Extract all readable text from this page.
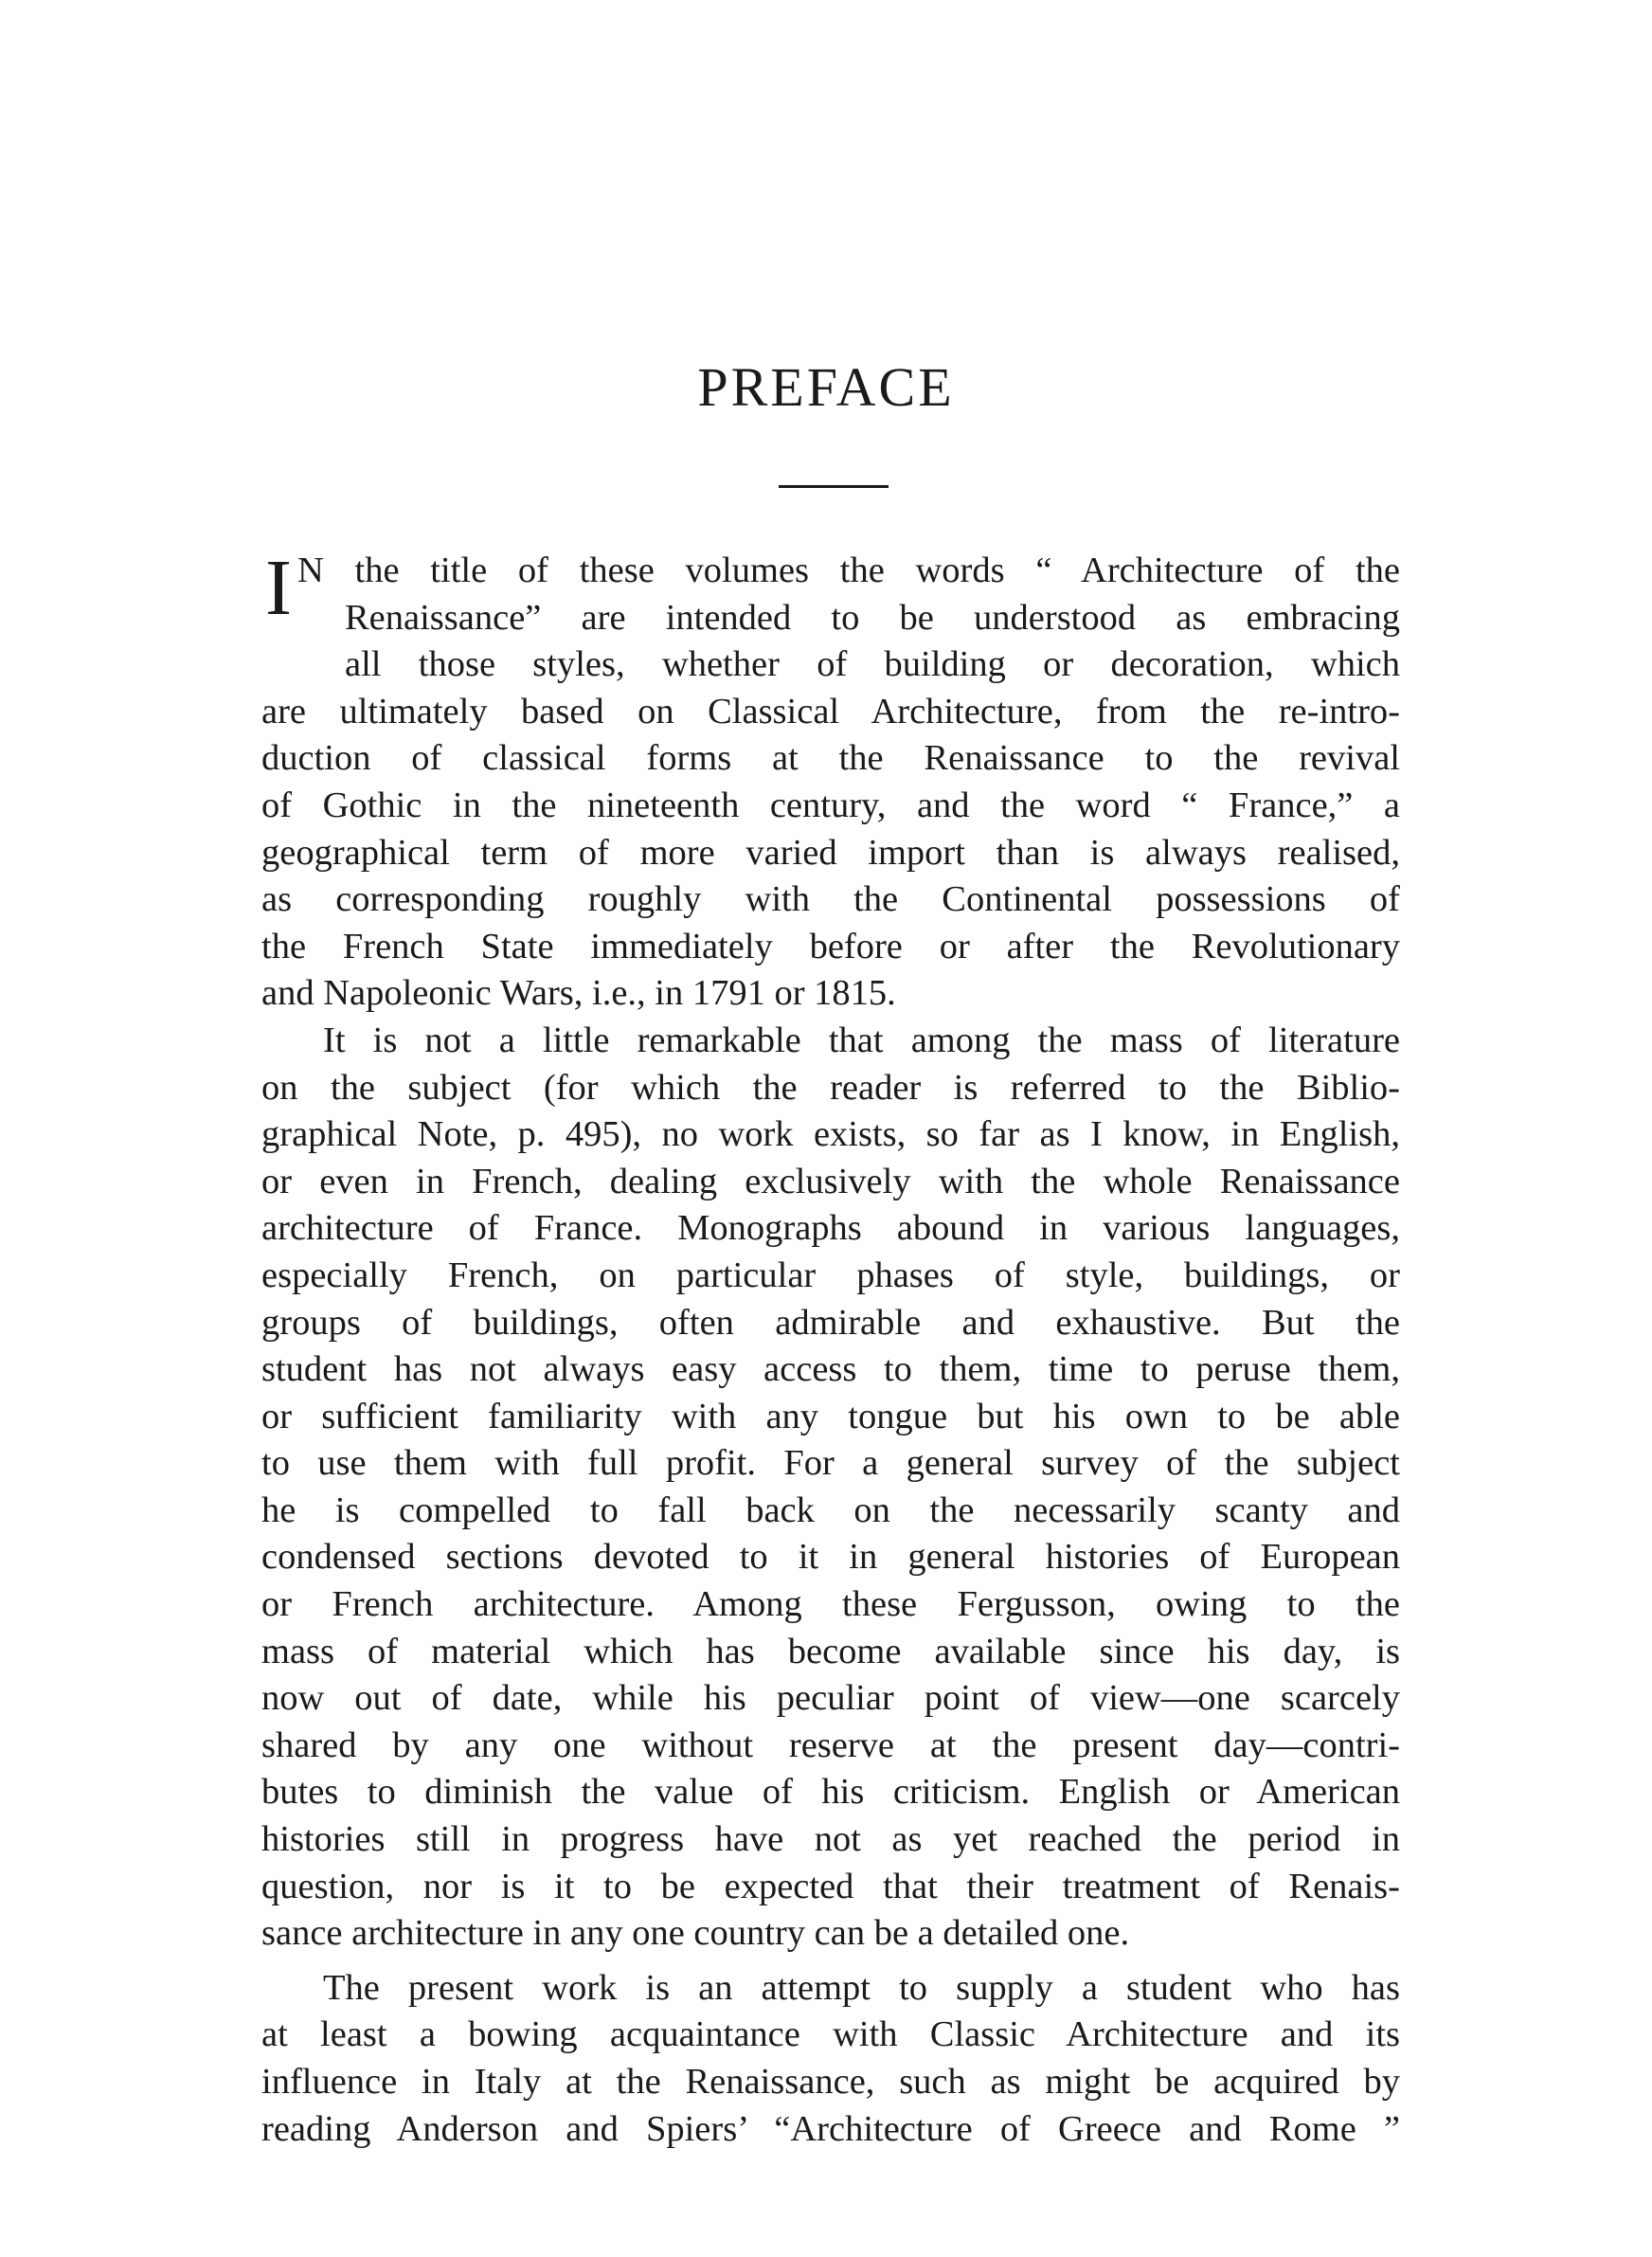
PREFACE
I N the title of these volumes the words “ Architecture of the
Renaissance” are intended to be understood as embracing
all those styles, whether of building or decoration, which
are ultimately based on Classical Architecture, from the re-intro-
duction of classical forms at the Renaissance to the revival
of Gothic in the nineteenth century, and the word “ France,” a
geographical term of more varied import than is always realised,
as corresponding roughly with the Continental possessions of
the French State immediately before or after the Revolutionary
and Napoleonic Wars, i.e., in 1791 or 1815.
It is not a little remarkable that among the mass of literature
on the subject (for which the reader is referred to the Biblio-
graphical Note, p. 495), no work exists, so far as I know, in English,
or even in French, dealing exclusively with the whole Renaissance
architecture of France. Monographs abound in various languages,
especially French, on particular phases of style, buildings, or
groups of buildings, often admirable and exhaustive. But the
student has not always easy access to them, time to peruse them,
or sufficient familiarity with any tongue but his own to be able
to use them with full profit. For a general survey of the subject
he is compelled to fall back on the necessarily scanty and
condensed sections devoted to it in general histories of European
or French architecture. Among these Fergusson, owing to the
mass of material which has become available since his day, is
now out of date, while his peculiar point of view—one scarcely
shared by any one without reserve at the present day—contri-
butes to diminish the value of his criticism. English or American
histories still in progress have not as yet reached the period in
question, nor is it to be expected that their treatment of Renais-
sance architecture in any one country can be a detailed one.
The present work is an attempt to supply a student who has
at least a bowing acquaintance with Classic Architecture and its
influence in Italy at the Renaissance, such as might be acquired by
reading Anderson and Spiers’ “Architecture of Greece and Rome ”
